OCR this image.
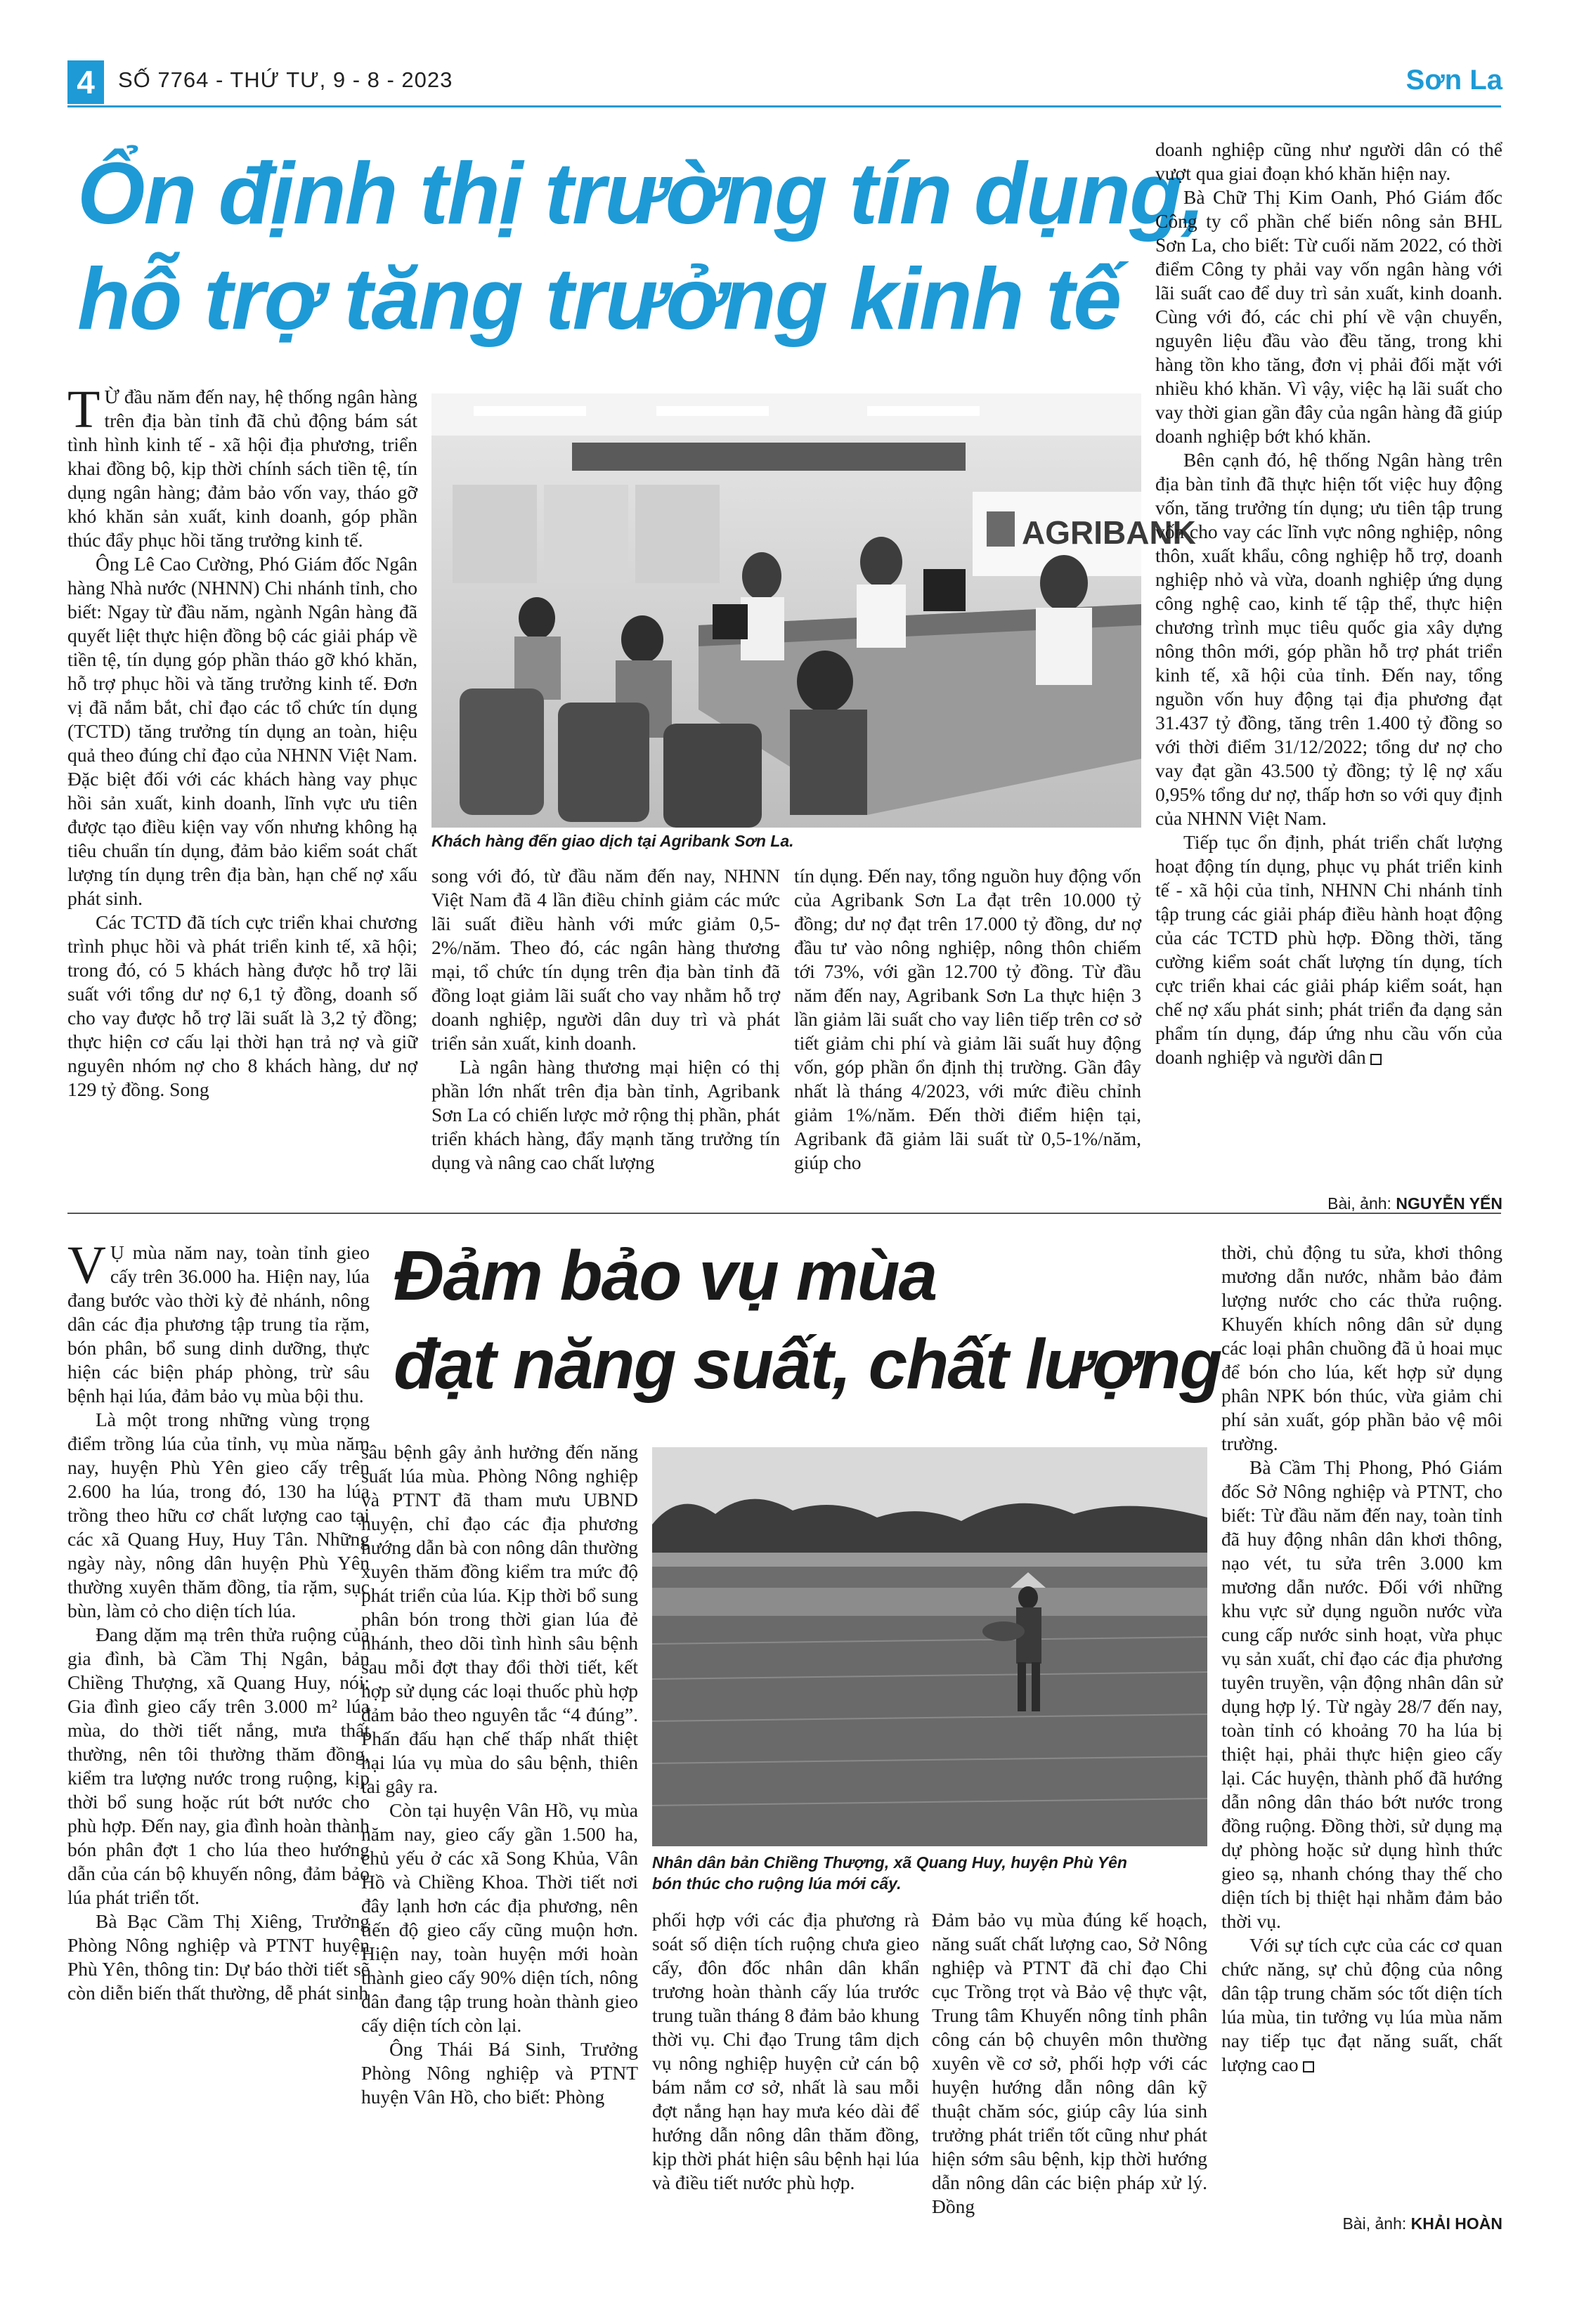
4	SỐ 7764 - THỨ TƯ, 9 - 8 - 2023	Sơn La
Ổn định thị trường tín dụng,
hỗ trợ tăng trưởng kinh tế

T Ừ đầu năm đến nay, hệ thống ngân hàng trên địa bàn tỉnh đã chủ động bám sát tình hình kinh tế - xã hội địa phương, triển khai đồng bộ, kịp thời chính sách tiền tệ, tín dụng ngân hàng; đảm bảo vốn vay, tháo gỡ khó khăn sản xuất, kinh doanh, góp phần thúc đẩy phục hồi tăng trưởng kinh tế.

Ông Lê Cao Cường, Phó Giám đốc Ngân hàng Nhà nước (NHNN) Chi nhánh tỉnh, cho biết: Ngay từ đầu năm, ngành Ngân hàng đã quyết liệt thực hiện đồng bộ các giải pháp về tiền tệ, tín dụng góp phần tháo gỡ khó khăn, hỗ trợ phục hồi và tăng trưởng kinh tế. Đơn vị đã nắm bắt, chỉ đạo các tổ chức tín dụng (TCTD) tăng trưởng tín dụng an toàn, hiệu quả theo đúng chỉ đạo của NHNN Việt Nam. Đặc biệt đối với các khách hàng vay phục hồi sản xuất, kinh doanh, lĩnh vực ưu tiên được tạo điều kiện vay vốn nhưng không hạ tiêu chuẩn tín dụng, đảm bảo kiểm soát chất lượng tín dụng trên địa bàn, hạn chế nợ xấu phát sinh.

Các TCTD đã tích cực triển khai chương trình phục hồi và phát triển kinh tế, xã hội; trong đó, có 5 khách hàng được hỗ trợ lãi suất với tổng dư nợ 6,1 tỷ đồng, doanh số cho vay được hỗ trợ lãi suất là 3,2 tỷ đồng; thực hiện cơ cấu lại thời hạn trả nợ và giữ nguyên nhóm nợ cho 8 khách hàng, dư nợ 129 tỷ đồng. Song

AGRIBANK
Khách hàng đến giao dịch tại Agribank Sơn La.

song với đó, từ đầu năm đến nay, NHNN Việt Nam đã 4 lần điều chỉnh giảm các mức lãi suất điều hành với mức giảm 0,5-2%/năm. Theo đó, các ngân hàng thương mại, tổ chức tín dụng trên địa bàn tỉnh đã đồng loạt giảm lãi suất cho vay nhằm hỗ trợ doanh nghiệp, người dân duy trì và phát triển sản xuất, kinh doanh.

Là ngân hàng thương mại hiện có thị phần lớn nhất trên địa bàn tỉnh, Agribank Sơn La có chiến lược mở rộng thị phần, phát triển khách hàng, đẩy mạnh tăng trưởng tín dụng và nâng cao chất lượng

tín dụng. Đến nay, tổng nguồn huy động vốn của Agribank Sơn La đạt trên 10.000 tỷ đồng; dư nợ đạt trên 17.000 tỷ đồng, dư nợ đầu tư vào nông nghiệp, nông thôn chiếm tới 73%, với gần 12.700 tỷ đồng. Từ đầu năm đến nay, Agribank Sơn La thực hiện 3 lần giảm lãi suất cho vay liên tiếp trên cơ sở tiết giảm chi phí và giảm lãi suất huy động vốn, góp phần ổn định thị trường. Gần đây nhất là tháng 4/2023, với mức điều chỉnh giảm 1%/năm. Đến thời điểm hiện tại, Agribank đã giảm lãi suất từ 0,5-1%/năm, giúp cho

doanh nghiệp cũng như người dân có thể vượt qua giai đoạn khó khăn hiện nay.

Bà Chữ Thị Kim Oanh, Phó Giám đốc Công ty cổ phần chế biến nông sản BHL Sơn La, cho biết: Từ cuối năm 2022, có thời điểm Công ty phải vay vốn ngân hàng với lãi suất cao để duy trì sản xuất, kinh doanh. Cùng với đó, các chi phí về vận chuyển, nguyên liệu đầu vào đều tăng, trong khi hàng tồn kho tăng, đơn vị phải đối mặt với nhiều khó khăn. Vì vậy, việc hạ lãi suất cho vay thời gian gần đây của ngân hàng đã giúp doanh nghiệp bớt khó khăn.

Bên cạnh đó, hệ thống Ngân hàng trên địa bàn tỉnh đã thực hiện tốt việc huy động vốn, tăng trưởng tín dụng; ưu tiên tập trung vốn cho vay các lĩnh vực nông nghiệp, nông thôn, xuất khẩu, công nghiệp hỗ trợ, doanh nghiệp nhỏ và vừa, doanh nghiệp ứng dụng công nghệ cao, kinh tế tập thể, thực hiện chương trình mục tiêu quốc gia xây dựng nông thôn mới, góp phần hỗ trợ phát triển kinh tế, xã hội của tỉnh. Đến nay, tổng nguồn vốn huy động tại địa phương đạt 31.437 tỷ đồng, tăng trên 1.400 tỷ đồng so với thời điểm 31/12/2022; tổng dư nợ cho vay đạt gần 43.500 tỷ đồng; tỷ lệ nợ xấu 0,95% tổng dư nợ, thấp hơn so với quy định của NHNN Việt Nam.

Tiếp tục ổn định, phát triển chất lượng hoạt động tín dụng, phục vụ phát triển kinh tế - xã hội của tỉnh, NHNN Chi nhánh tỉnh tập trung các giải pháp điều hành hoạt động của các TCTD phù hợp. Đồng thời, tăng cường kiểm soát chất lượng tín dụng, tích cực triển khai các giải pháp kiểm soát, hạn chế nợ xấu phát sinh; phát triển đa dạng sản phẩm tín dụng, đáp ứng nhu cầu vốn của doanh nghiệp và người dân

Bài, ảnh: NGUYỄN YẾN
Đảm bảo vụ mùa
đạt năng suất, chất lượng

V Ụ mùa năm nay, toàn tỉnh gieo cấy trên 36.000 ha. Hiện nay, lúa đang bước vào thời kỳ đẻ nhánh, nông dân các địa phương tập trung tỉa rặm, bón phân, bổ sung dinh dưỡng, thực hiện các biện pháp phòng, trừ sâu bệnh hại lúa, đảm bảo vụ mùa bội thu.

Là một trong những vùng trọng điểm trồng lúa của tỉnh, vụ mùa năm nay, huyện Phù Yên gieo cấy trên 2.600 ha lúa, trong đó, 130 ha lúa trồng theo hữu cơ chất lượng cao tại các xã Quang Huy, Huy Tân. Những ngày này, nông dân huyện Phù Yên thường xuyên thăm đồng, tỉa rặm, sục bùn, làm cỏ cho diện tích lúa.

Đang dặm mạ trên thửa ruộng của gia đình, bà Cầm Thị Ngân, bản Chiềng Thượng, xã Quang Huy, nói: Gia đình gieo cấy trên 3.000 m² lúa mùa, do thời tiết nắng, mưa thất thường, nên tôi thường thăm đồng, kiểm tra lượng nước trong ruộng, kịp thời bổ sung hoặc rút bớt nước cho phù hợp. Đến nay, gia đình hoàn thành bón phân đợt 1 cho lúa theo hướng dẫn của cán bộ khuyến nông, đảm bảo lúa phát triển tốt.

Bà Bạc Cầm Thị Xiêng, Trưởng Phòng Nông nghiệp và PTNT huyện Phù Yên, thông tin: Dự báo thời tiết sẽ còn diễn biến thất thường, dễ phát sinh

sâu bệnh gây ảnh hưởng đến năng suất lúa mùa. Phòng Nông nghiệp và PTNT đã tham mưu UBND huyện, chỉ đạo các địa phương hướng dẫn bà con nông dân thường xuyên thăm đồng kiểm tra mức độ phát triển của lúa. Kịp thời bổ sung phân bón trong thời gian lúa đẻ nhánh, theo dõi tình hình sâu bệnh sau mỗi đợt thay đổi thời tiết, kết hợp sử dụng các loại thuốc phù hợp đảm bảo theo nguyên tắc “4 đúng”. Phấn đấu hạn chế thấp nhất thiệt hại lúa vụ mùa do sâu bệnh, thiên tai gây ra.

Còn tại huyện Vân Hồ, vụ mùa năm nay, gieo cấy gần 1.500 ha, chủ yếu ở các xã Song Khủa, Vân Hồ và Chiềng Khoa. Thời tiết nơi đây lạnh hơn các địa phương, nên tiến độ gieo cấy cũng muộn hơn. Hiện nay, toàn huyện mới hoàn thành gieo cấy 90% diện tích, nông dân đang tập trung hoàn thành gieo cấy diện tích còn lại.

Ông Thái Bá Sinh, Trưởng Phòng Nông nghiệp và PTNT huyện Vân Hồ, cho biết: Phòng

Nhân dân bản Chiềng Thượng, xã Quang Huy, huyện Phù Yên
bón thúc cho ruộng lúa mới cấy.

phối hợp với các địa phương rà soát số diện tích ruộng chưa gieo cấy, đôn đốc nhân dân khẩn trương hoàn thành cấy lúa trước trung tuần tháng 8 đảm bảo khung thời vụ. Chi đạo Trung tâm dịch vụ nông nghiệp huyện cử cán bộ bám nắm cơ sở, nhất là sau mỗi đợt nắng hạn hay mưa kéo dài để hướng dẫn nông dân thăm đồng, kịp thời phát hiện sâu bệnh hại lúa và điều tiết nước phù hợp.

Đảm bảo vụ mùa đúng kế hoạch, năng suất chất lượng cao, Sở Nông nghiệp và PTNT đã chỉ đạo Chi cục Trồng trọt và Bảo vệ thực vật, Trung tâm Khuyến nông tỉnh phân công cán bộ chuyên môn thường xuyên về cơ sở, phối hợp với các huyện hướng dẫn nông dân kỹ thuật chăm sóc, giúp cây lúa sinh trưởng phát triển tốt cũng như phát hiện sớm sâu bệnh, kịp thời hướng dẫn nông dân các biện pháp xử lý. Đồng

thời, chủ động tu sửa, khơi thông mương dẫn nước, nhằm bảo đảm lượng nước cho các thửa ruộng. Khuyến khích nông dân sử dụng các loại phân chuồng đã ủ hoai mục để bón cho lúa, kết hợp sử dụng phân NPK bón thúc, vừa giảm chi phí sản xuất, góp phần bảo vệ môi trường.

Bà Cầm Thị Phong, Phó Giám đốc Sở Nông nghiệp và PTNT, cho biết: Từ đầu năm đến nay, toàn tỉnh đã huy động nhân dân khơi thông, nạo vét, tu sửa trên 3.000 km mương dẫn nước. Đối với những khu vực sử dụng nguồn nước vừa cung cấp nước sinh hoạt, vừa phục vụ sản xuất, chỉ đạo các địa phương tuyên truyền, vận động nhân dân sử dụng hợp lý. Từ ngày 28/7 đến nay, toàn tỉnh có khoảng 70 ha lúa bị thiệt hại, phải thực hiện gieo cấy lại. Các huyện, thành phố đã hướng dẫn nông dân tháo bớt nước trong đồng ruộng. Đồng thời, sử dụng mạ dự phòng hoặc sử dụng hình thức gieo sạ, nhanh chóng thay thế cho diện tích bị thiệt hại nhằm đảm bảo thời vụ.

Với sự tích cực của các cơ quan chức năng, sự chủ động của nông dân tập trung chăm sóc tốt diện tích lúa mùa, tin tưởng vụ lúa mùa năm nay tiếp tục đạt năng suất, chất lượng cao

Bài, ảnh: KHẢI HOÀN
